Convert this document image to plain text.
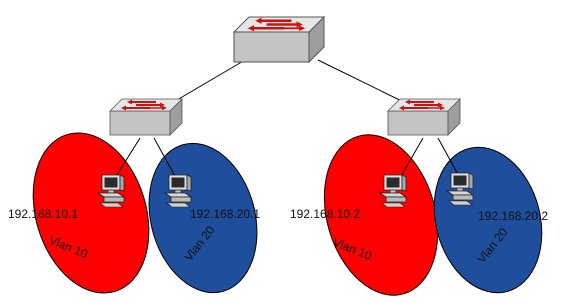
192.168.10.1	192.168.20.1 192.168.10.2	192.168.20.2
Vlan 10	Vlan 20	Vlan 10	Vlan 20
